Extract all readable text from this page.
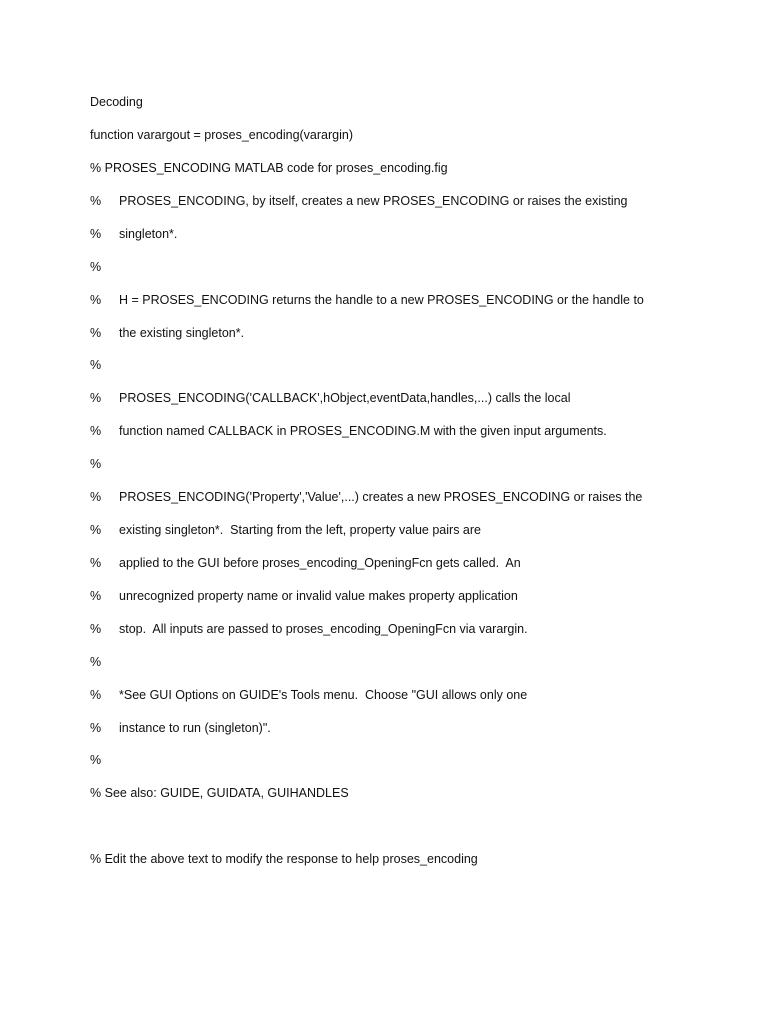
Decoding
function varargout = proses_encoding(varargin)
% PROSES_ENCODING MATLAB code for proses_encoding.fig
% PROSES_ENCODING, by itself, creates a new PROSES_ENCODING or raises the existing
% singleton*.
%
% H = PROSES_ENCODING returns the handle to a new PROSES_ENCODING or the handle to
% the existing singleton*.
%
% PROSES_ENCODING('CALLBACK',hObject,eventData,handles,...) calls the local
% function named CALLBACK in PROSES_ENCODING.M with the given input arguments.
%
% PROSES_ENCODING('Property','Value',...) creates a new PROSES_ENCODING or raises the
% existing singleton*.  Starting from the left, property value pairs are
% applied to the GUI before proses_encoding_OpeningFcn gets called.  An
% unrecognized property name or invalid value makes property application
% stop.  All inputs are passed to proses_encoding_OpeningFcn via varargin.
%
% *See GUI Options on GUIDE's Tools menu.  Choose "GUI allows only one
% instance to run (singleton)".
%
% See also: GUIDE, GUIDATA, GUIHANDLES
% Edit the above text to modify the response to help proses_encoding
